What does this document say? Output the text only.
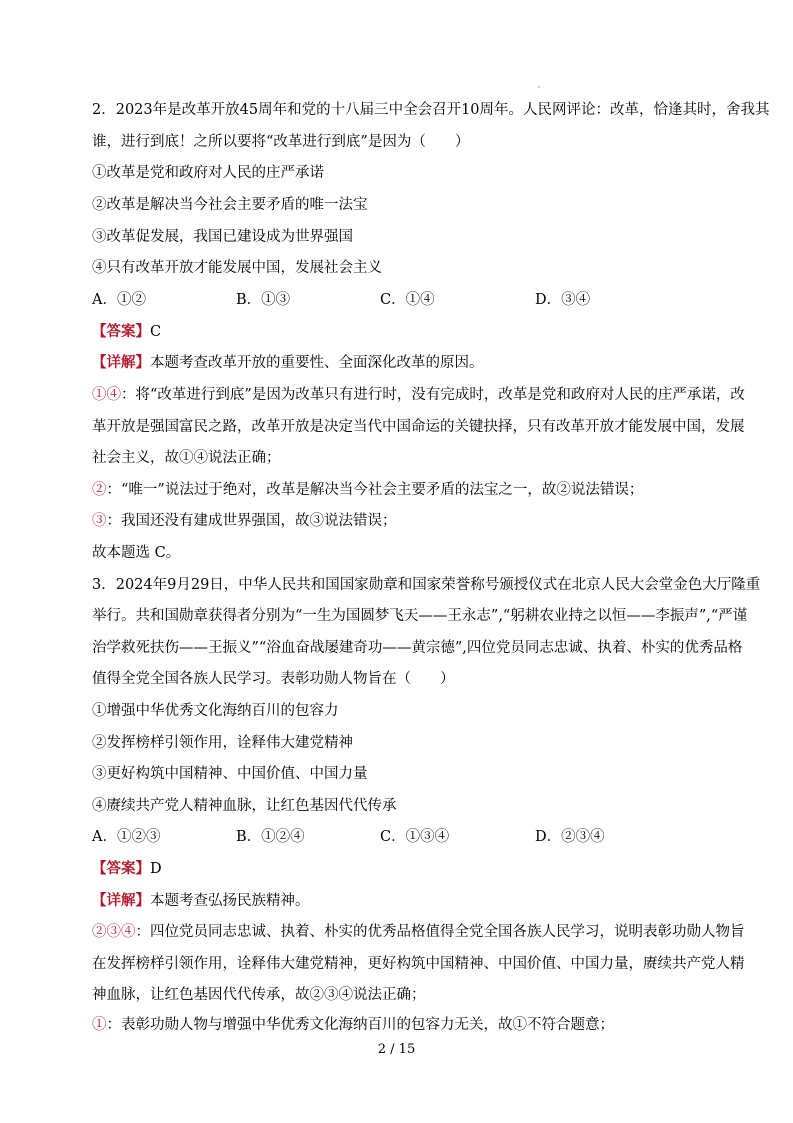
2．2023年是改革开放45周年和党的十八届三中全会召开10周年。人民网评论：改革，恰逢其时，舍我其
谁，进行到底！之所以要将“改革进行到底”是因为（　　）
①改革是党和政府对人民的庄严承诺
②改革是解决当今社会主要矛盾的唯一法宝
③改革促发展，我国已建设成为世界强国
④只有改革开放才能发展中国，发展社会主义
A．①②	B．①③	C．①④	D．③④
【答案】C
【详解】本题考查改革开放的重要性、全面深化改革的原因。
①④：将“改革进行到底”是因为改革只有进行时，没有完成时，改革是党和政府对人民的庄严承诺，改
革开放是强国富民之路，改革开放是决定当代中国命运的关键抉择，只有改革开放才能发展中国，发展
社会主义，故①④说法正确；
②：“唯一”说法过于绝对，改革是解决当今社会主要矛盾的法宝之一，故②说法错误；
③：我国还没有建成世界强国，故③说法错误；
故本题选 C。
3．2024年9月29日，中华人民共和国国家勋章和国家荣誉称号颁授仪式在北京人民大会堂金色大厅隆重
举行。共和国勋章获得者分别为“一生为国圆梦飞天——王永志”,“躬耕农业持之以恒——李振声”,“严谨
治学救死扶伤——王振义”“浴血奋战屡建奇功——黄宗德”,四位党员同志忠诚、执着、朴实的优秀品格
值得全党全国各族人民学习。表彰功勋人物旨在（　　）
①增强中华优秀文化海纳百川的包容力
②发挥榜样引领作用，诠释伟大建党精神
③更好构筑中国精神、中国价值、中国力量
④赓续共产党人精神血脉，让红色基因代代传承
A．①②③	B．①②④	C．①③④	D．②③④
【答案】D
【详解】本题考查弘扬民族精神。
②③④：四位党员同志忠诚、执着、朴实的优秀品格值得全党全国各族人民学习，说明表彰功勋人物旨
在发挥榜样引领作用，诠释伟大建党精神，更好构筑中国精神、中国价值、中国力量，赓续共产党人精
神血脉，让红色基因代代传承，故②③④说法正确；
①：表彰功勋人物与增强中华优秀文化海纳百川的包容力无关，故①不符合题意；
2 / 15
